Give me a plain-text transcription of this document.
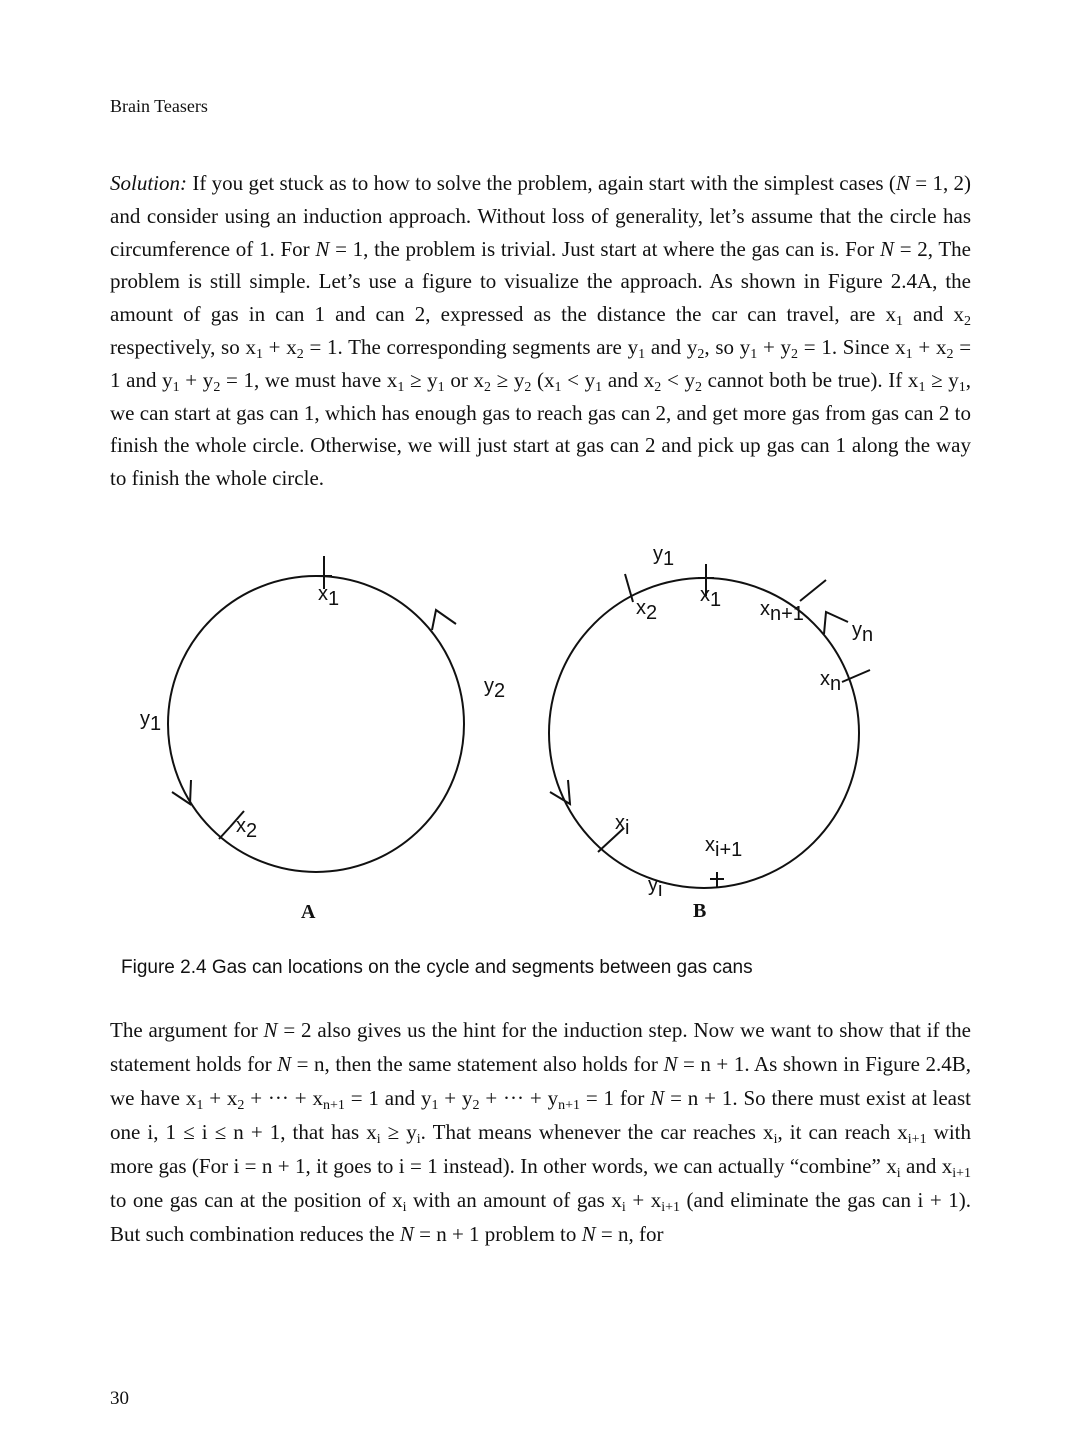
Brain Teasers

Solution: If you get stuck as to how to solve the problem, again start with the simplest cases (N = 1, 2) and consider using an induction approach. Without loss of generality, let’s assume that the circle has circumference of 1. For N = 1, the problem is trivial. Just start at where the gas can is. For N = 2, The problem is still simple. Let’s use a figure to visualize the approach. As shown in Figure 2.4A, the amount of gas in can 1 and can 2, expressed as the distance the car can travel, are $x_1$ and $x_2$ respectively, so $x_1 + x_2 = 1$. The corresponding segments are $y_1$ and $y_2$, so $y_1 + y_2 = 1$. Since $x_1 + x_2 = 1$ and $y_1 + y_2 = 1$, we must have $x_1 \ge y_1$ or $x_2 \ge y_2$ ($x_1 < y_1$ and $x_2 < y_2$ cannot both be true). If $x_1 \ge y_1$, we can start at gas can 1, which has enough gas to reach gas can 2, and get more gas from gas can 2 to finish the whole circle. Otherwise, we will just start at gas can 2 and pick up gas can 1 along the way to finish the whole circle.

x1
y2
y1
x2
A
y1
x2
x1 xn+1
yn
xn
xi
xi+1
yi
B
Figure 2.4 Gas can locations on the cycle and segments between gas cans

The argument for N = 2 also gives us the hint for the induction step. Now we want to show that if the statement holds for N = n, then the same statement also holds for N = n + 1. As shown in Figure 2.4B, we have $x_1 + x_2$ + ··· + $x_{n+1} = 1$ and $y_1 + y_2$ + ··· + $y_{n+1} = 1$ for N = n + 1. So there must exist at least one i, 1 ≤ i ≤ n + 1, that has $x_i \ge y_i$. That means whenever the car reaches $x_i$, it can reach $x_{i+1}$ with more gas (For i = n + 1, it goes to i = 1 instead). In other words, we can actually “combine” $x_i$ and $x_{i+1}$ to one gas can at the position of $x_i$ with an amount of gas $x_i + x_{i+1}$ (and eliminate the gas can i + 1). But such combination reduces the N = n + 1 problem to N = n, for

30
